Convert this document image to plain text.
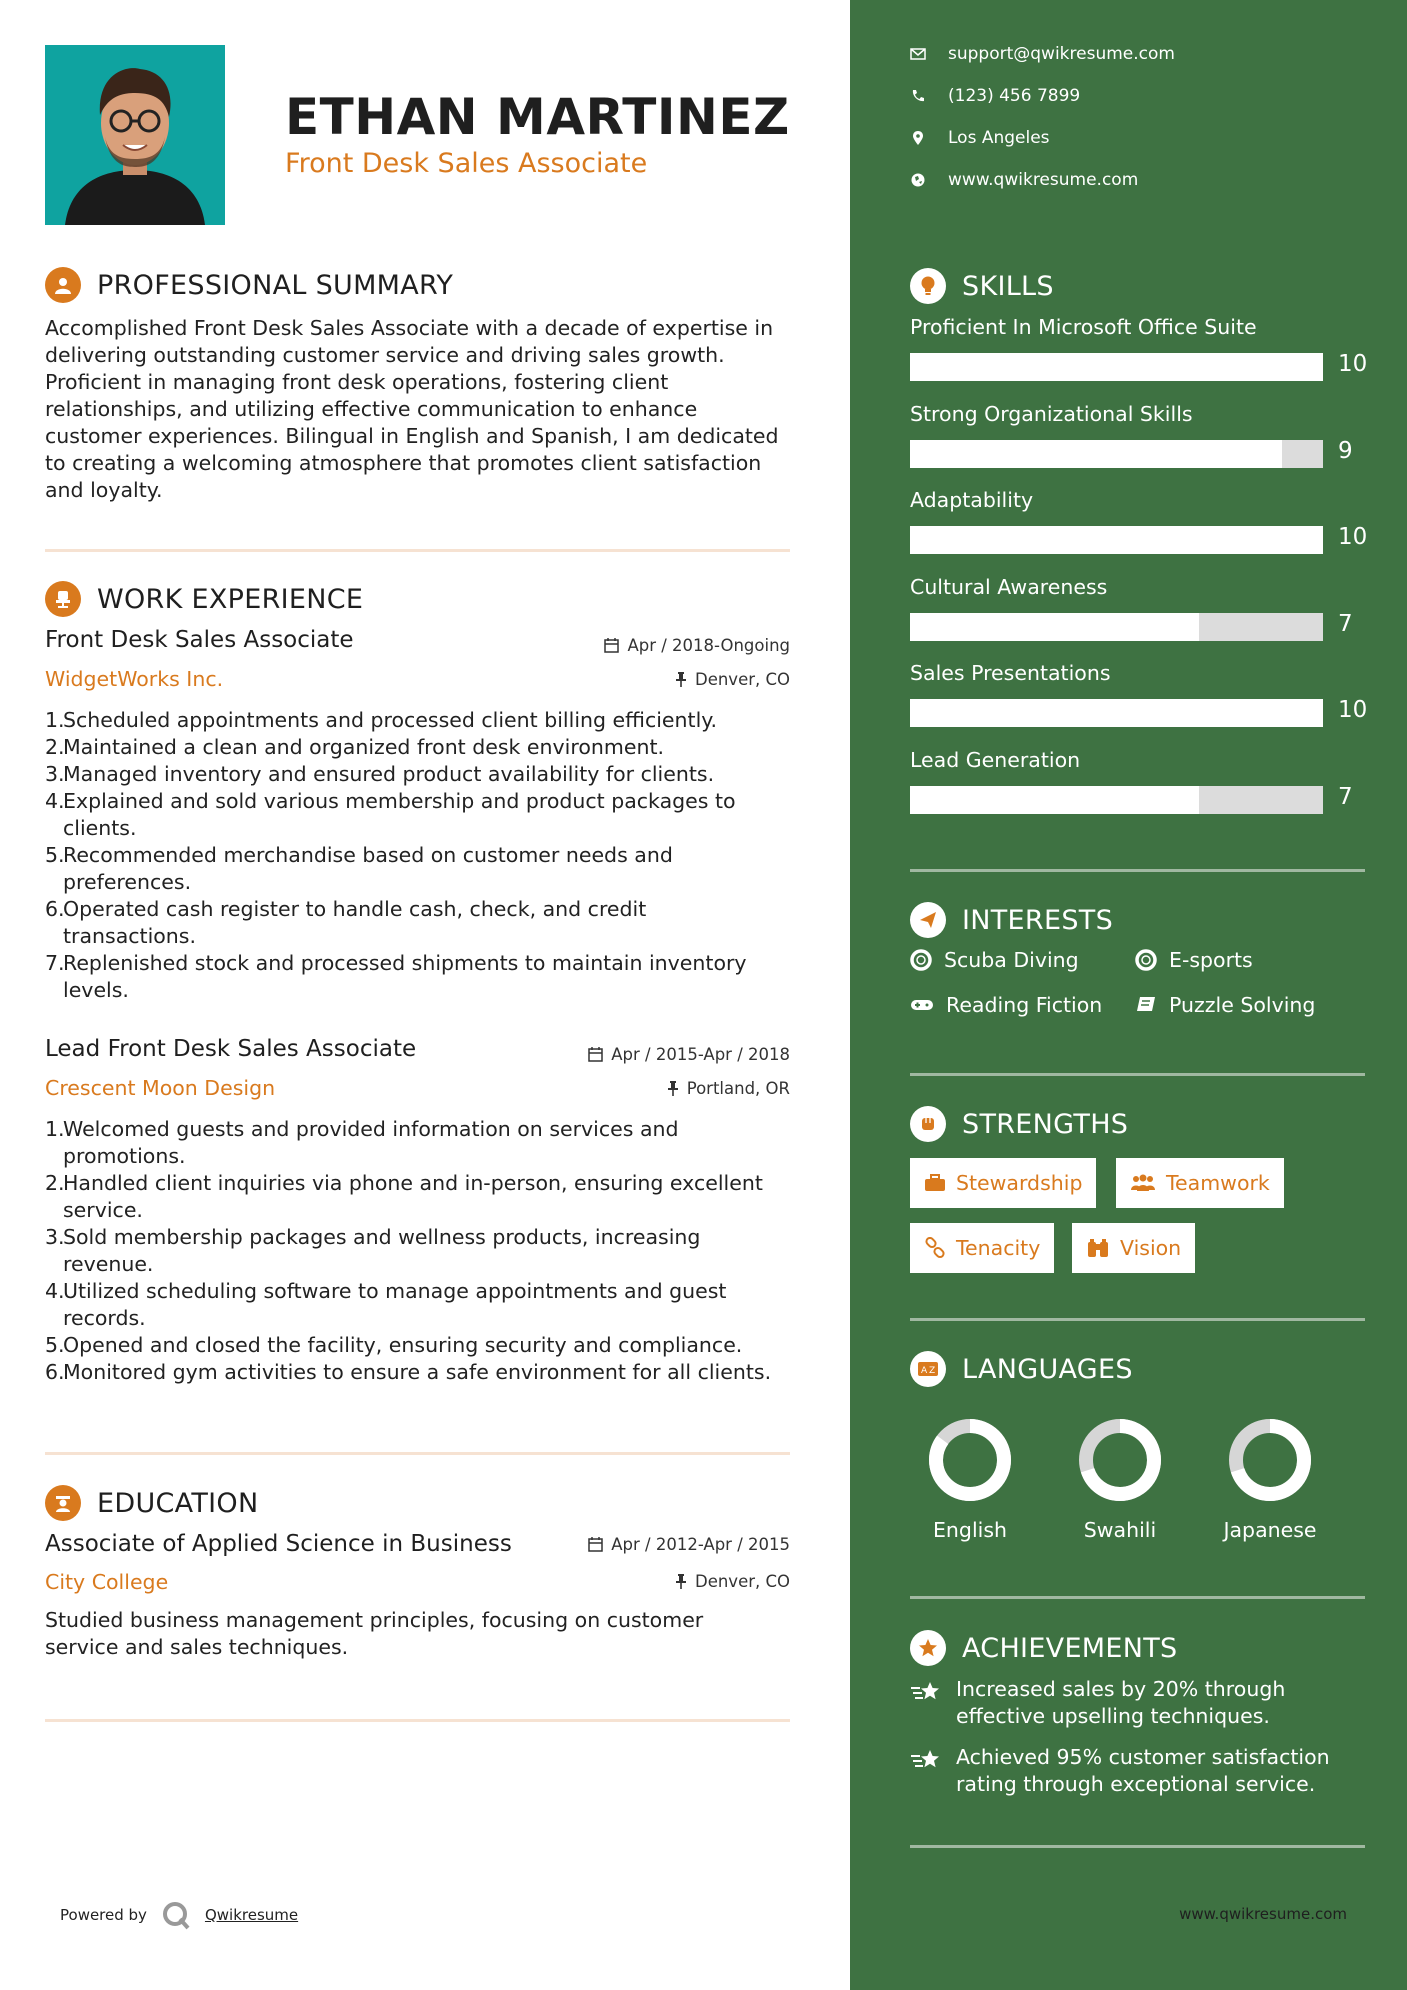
ETHAN MARTINEZ
Front Desk Sales Associate
PROFESSIONAL SUMMARY
Accomplished Front Desk Sales Associate with a decade of expertise in
delivering outstanding customer service and driving sales growth.
Proficient in managing front desk operations, fostering client
relationships, and utilizing effective communication to enhance
customer experiences. Bilingual in English and Spanish, I am dedicated
to creating a welcoming atmosphere that promotes client satisfaction
and loyalty.
WORK EXPERIENCE
Front Desk Sales Associate	Apr / 2018-Ongoing
WidgetWorks Inc.	Denver, CO
1.
Scheduled appointments and processed client billing efficiently.
2.
Maintained a clean and organized front desk environment.
3.
Managed inventory and ensured product availability for clients.
4.
Explained and sold various membership and product packages to
clients.
5.
Recommended merchandise based on customer needs and
preferences.
6.
Operated cash register to handle cash, check, and credit
transactions.
7.
Replenished stock and processed shipments to maintain inventory
levels.
Lead Front Desk Sales Associate	Apr / 2015-Apr / 2018
Crescent Moon Design	Portland, OR
1.
Welcomed guests and provided information on services and
promotions.
2.
Handled client inquiries via phone and in-person, ensuring excellent
service.
3.
Sold membership packages and wellness products, increasing
revenue.
4.
Utilized scheduling software to manage appointments and guest
records.
5.
Opened and closed the facility, ensuring security and compliance.
6.
Monitored gym activities to ensure a safe environment for all clients.
EDUCATION
Associate of Applied Science in Business	Apr / 2012-Apr / 2015
City College	Denver, CO
Studied business management principles, focusing on customer
service and sales techniques.
Powered by	Qwikresume
support@qwikresume.com
(123) 456 7899
Los Angeles
www.qwikresume.com
SKILLS
Proficient In Microsoft Office Suite
10
Strong Organizational Skills
9
Adaptability
10
Cultural Awareness
7
Sales Presentations
10
Lead Generation
7
INTERESTS
Scuba Diving	E-sports
Reading Fiction	Puzzle Solving
STRENGTHS
Stewardship	Teamwork
Tenacity	Vision
A Z LANGUAGES
English	Swahili	Japanese
ACHIEVEMENTS
Increased sales by 20% through
effective upselling techniques.
Achieved 95% customer satisfaction
rating through exceptional service.
www.qwikresume.com
